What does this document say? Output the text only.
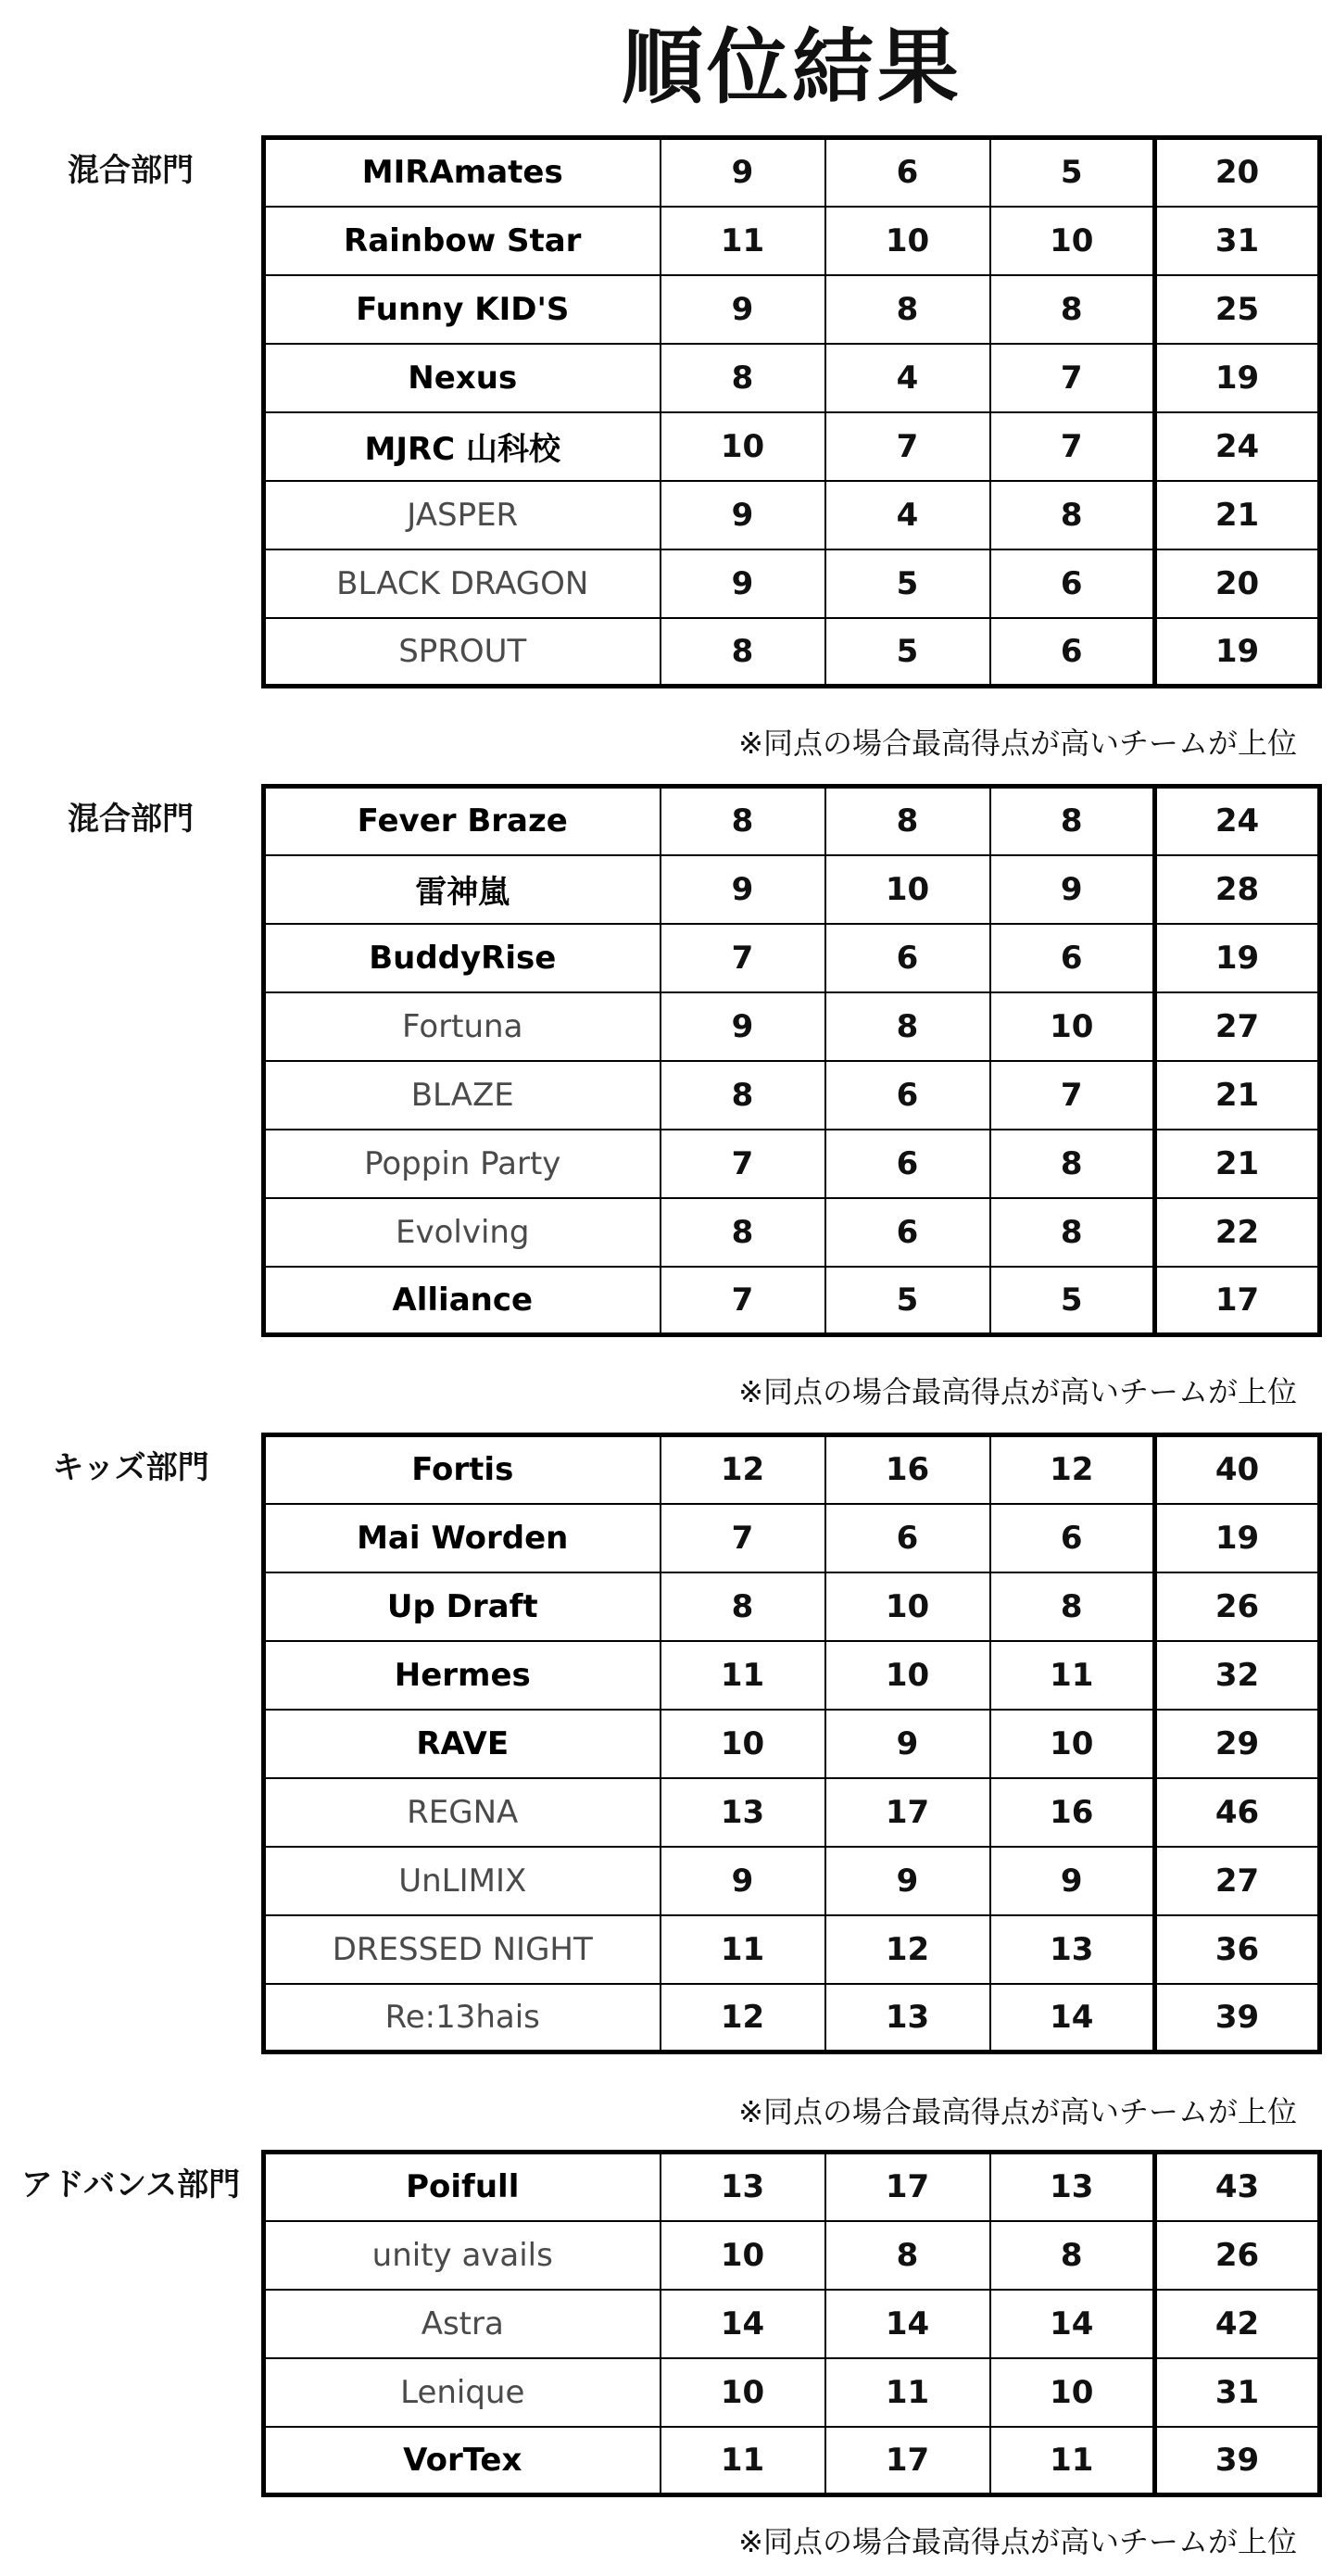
順位結果
混合部門	MIRAmates	9	6	5	20
Rainbow Star	11	10	10	31
Funny KID'S	9	8	8	25
Nexus	8	4	7	19
MJRC 山科校	10	7	7	24
JASPER	9	4	8	21
BLACK DRAGON	9	5	6	20
SPROUT	8	5	6	19
※同点の場合最高得点が高いチームが上位
混合部門	Fever Braze	8	8	8	24
雷神嵐	9	10	9	28
BuddyRise	7	6	6	19
Fortuna	9	8	10	27
BLAZE	8	6	7	21
Poppin Party	7	6	8	21
Evolving	8	6	8	22
Alliance	7	5	5	17
※同点の場合最高得点が高いチームが上位
キッズ部門	Fortis	12	16	12	40
Mai Worden	7	6	6	19
Up Draft	8	10	8	26
Hermes	11	10	11	32
RAVE	10	9	10	29
REGNA	13	17	16	46
UnLIMIX	9	9	9	27
DRESSED NIGHT	11	12	13	36
Re:13hais	12	13	14	39
※同点の場合最高得点が高いチームが上位
アドバンス部門	Poifull	13	17	13	43
unity avails	10	8	8	26
Astra	14	14	14	42
Lenique	10	11	10	31
VorTex	11	17	11	39
※同点の場合最高得点が高いチームが上位
